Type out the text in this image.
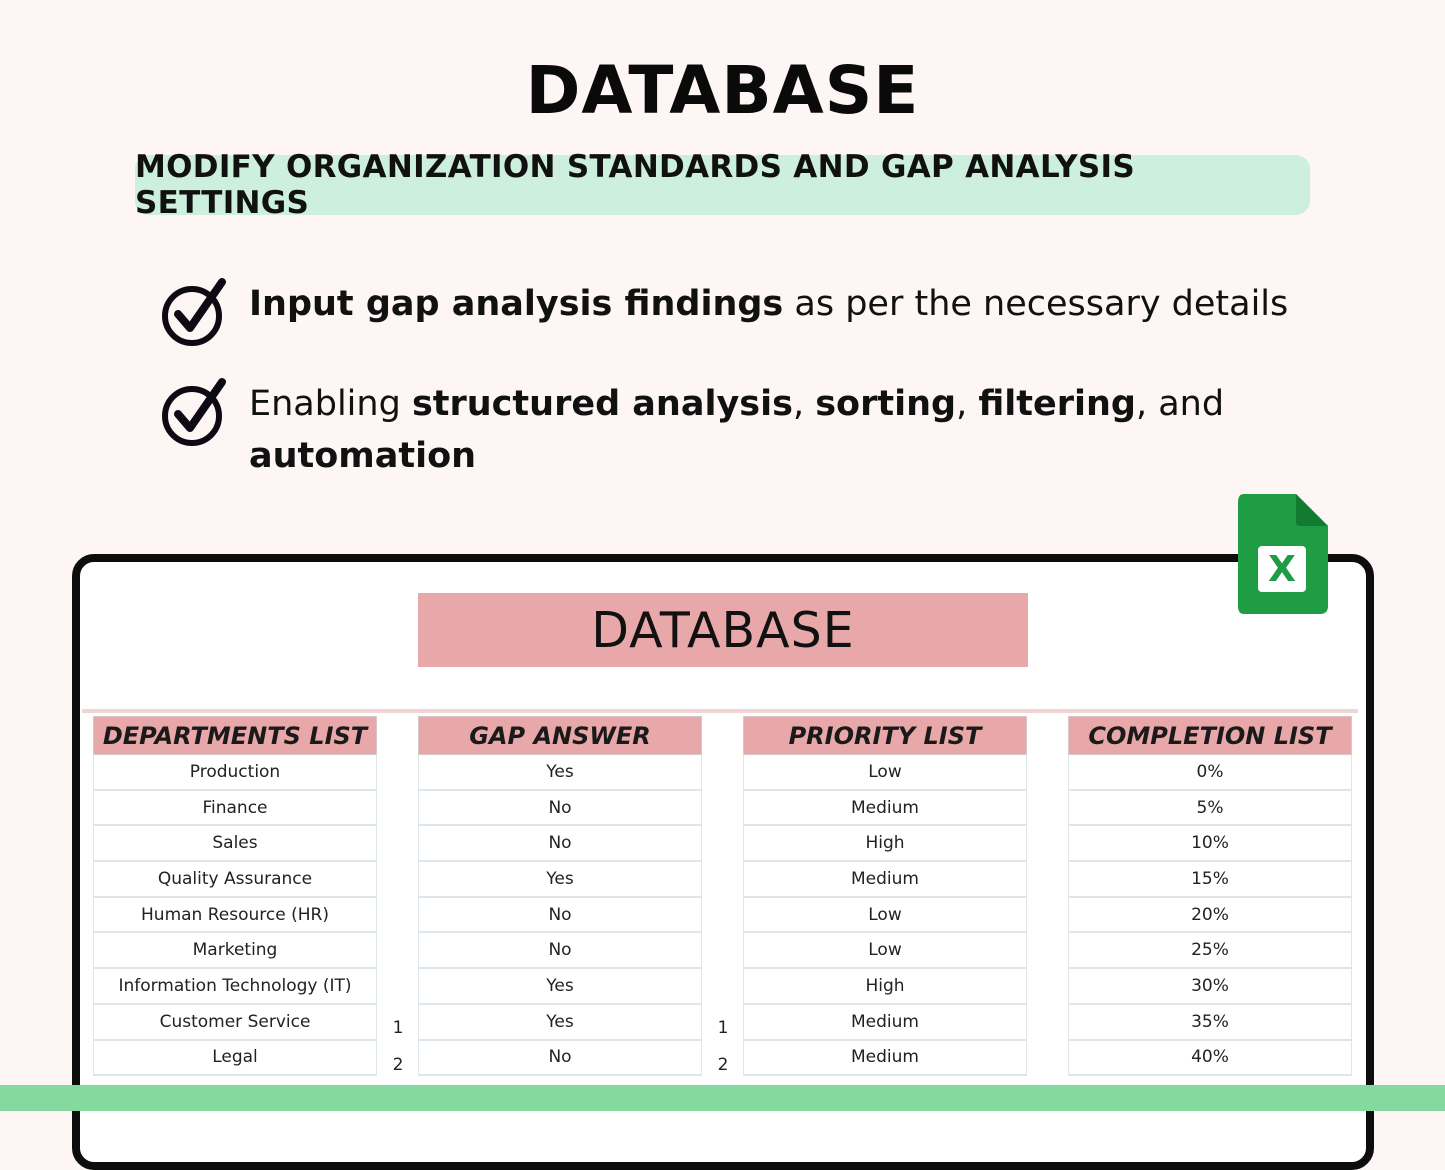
DATABASE
MODIFY ORGANIZATION STANDARDS AND GAP ANALYSIS SETTINGS
Input gap analysis findings as per the necessary details
Enabling structured analysis, sorting, filtering, and
automation
DATABASE
DEPARTMENTS LIST
Production
Finance
Sales
Quality Assurance
Human Resource (HR)
Marketing
Information Technology (IT)
Customer Service
Legal
GAP ANSWER
Yes
No
No
Yes
No
No
Yes
Yes
No
PRIORITY LIST
Low
Medium
High
Medium
Low
Low
High
Medium
Medium
COMPLETION LIST
0%
5%
10%
15%
20%
25%
30%
35%
40%
1
2
1
2
X
